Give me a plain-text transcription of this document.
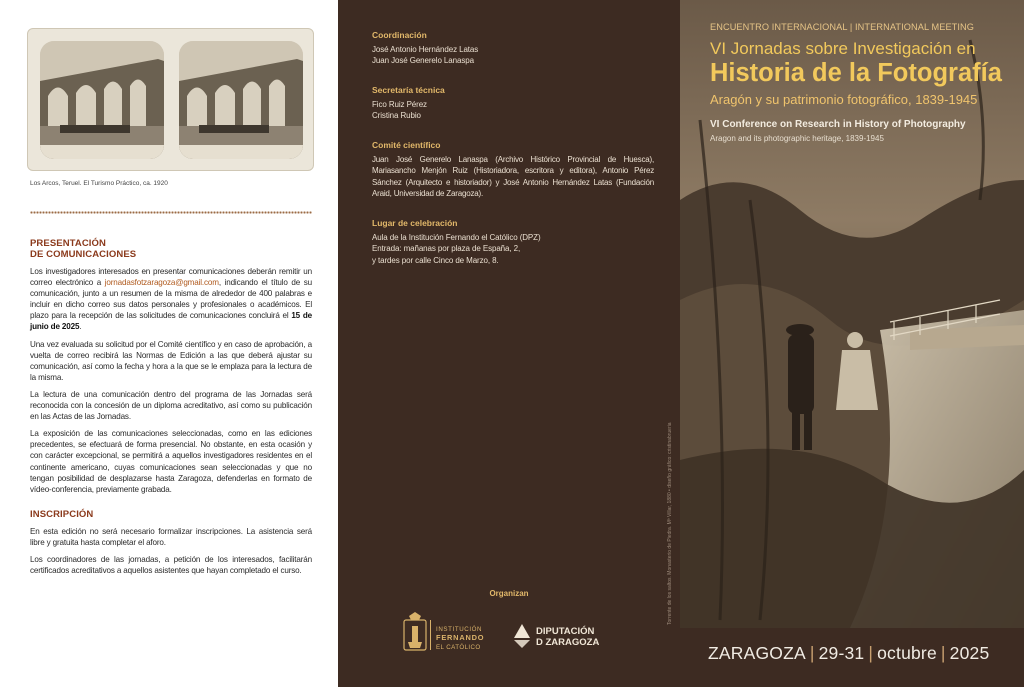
Los Arcos, Teruel. El Turismo Práctico, ca. 1920
PRESENTACIÓN
DE COMUNICACIONES

Los investigadores interesados en presentar comunicaciones deberán remitir un correo electrónico a jornadasfotzaragoza@gmail.com, indicando el título de su comunicación, junto a un resumen de la misma de alrededor de 400 palabras e incluir en dicho correo sus datos personales y profesionales o académicos. El plazo para la recepción de las solicitudes de comunicaciones concluirá el 15 de junio de 2025.

Una vez evaluada su solicitud por el Comité científico y en caso de aprobación, a vuelta de correo recibirá las Normas de Edición a las que deberá ajustar su comunicación, así como la fecha y hora a la que se le emplaza para la lectura de la misma.

La lectura de una comunicación dentro del programa de las Jornadas será reconocida con la concesión de un diploma acreditativo, así como su publicación en las Actas de las Jornadas.

La exposición de las comunicaciones seleccionadas, como en las ediciones precedentes, se efectuará de forma presencial. No obstante, en esta ocasión y con carácter excepcional, se permitirá a aquellos investigadores residentes en el continente americano, cuyas comunicaciones sean seleccionadas y que no tengan posibilidad de desplazarse hasta Zaragoza, defenderlas en formato de vídeo-conferencia, previamente grabada.

INSCRIPCIÓN

En esta edición no será necesario formalizar inscripciones. La asistencia será libre y gratuita hasta completar el aforo.

Los coordinadores de las jornadas, a petición de los interesados, facilitarán certificados acreditativos a aquellos asistentes que hayan completado el curso.

Coordinación
José Antonio Hernández Latas
Juan José Generelo Lanaspa
Secretaría técnica
Fico Ruiz Pérez
Cristina Rubio
Comité científico
Juan José Generelo Lanaspa (Archivo Histórico Provincial de Huesca), Mariasancho Menjón Ruiz (Historiadora, escritora y editora), Antonio Pérez Sánchez (Arquitecto e historiador) y José Antonio Hernández Latas (Fundación Araid, Universidad de Zaragoza).
Lugar de celebración
Aula de la Institución Fernando el Católico (DPZ)
Entrada: mañanas por plaza de España, 2,
y tardes por calle Cinco de Marzo, 8.
Organizan
INSTITUCIÓN
FERNANDO
EL CATÓLICO
DIPUTACIÓN
D ZARAGOZA
Torrente de los saltos. Monasterio de Piedra. Mª Villar, 1880 • diseño gráfico: cristinabrueria
ENCUENTRO INTERNACIONAL | INTERNATIONAL MEETING
VI Jornadas sobre Investigación en
Historia de la Fotografía
Aragón y su patrimonio fotográfico, 1839-1945
VI Conference on Research in History of Photography
Aragon and its photographic heritage, 1839-1945
ZARAGOZA | 29-31 | octubre | 2025
